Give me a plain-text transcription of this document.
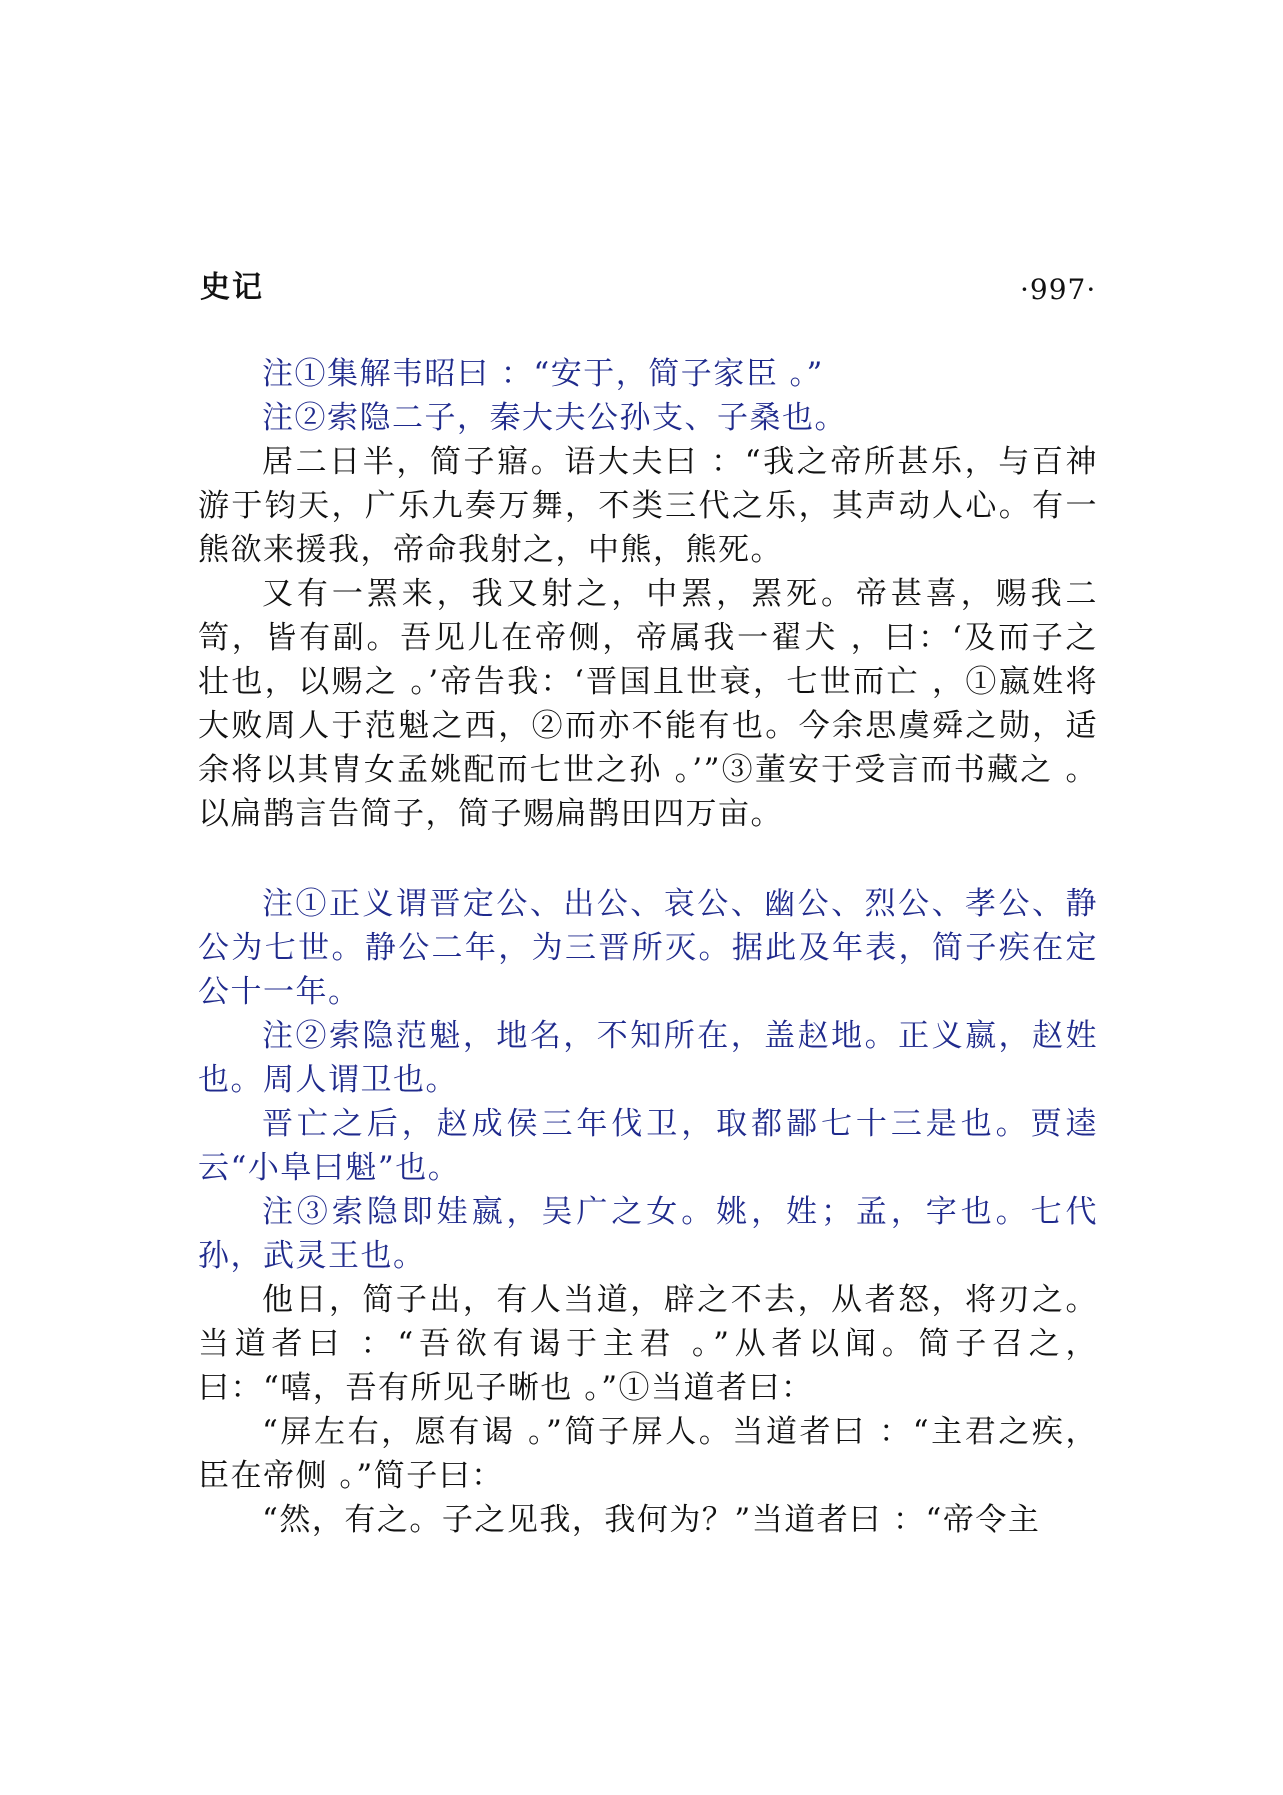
史记	·997·

注①集解韦昭曰 ：“安于，简子家臣 。”

注②索隐二子，秦大夫公孙支、子桑也。

居二日半，简子寤。语大夫曰 ：“我之帝所甚乐，与百神游于钧天，广乐九奏万舞，不类三代之乐，其声动人心。有一熊欲来援我，帝命我射之，中熊，熊死。

又有一罴来，我又射之，中罴，罴死。帝甚喜，赐我二笥，皆有副。吾见儿在帝侧，帝属我一翟犬 ，曰：‘及而子之壮也，以赐之 。’帝告我：‘晋国且世衰，七世而亡 ，①嬴姓将大败周人于范魁之西，②而亦不能有也。今余思虞舜之勋，适余将以其胄女孟姚配而七世之孙 。’”③董安于受言而书藏之 。以扁鹊言告简子，简子赐扁鹊田四万亩。

注①正义谓晋定公、出公、哀公、幽公、烈公、孝公、静公为七世。静公二年，为三晋所灭。据此及年表，简子疾在定公十一年。

注②索隐范魁，地名，不知所在，盖赵地。正义嬴，赵姓也。周人谓卫也。

晋亡之后，赵成侯三年伐卫，取都鄙七十三是也。贾逵云“小阜曰魁”也。

注③索隐即娃嬴，吴广之女。姚，姓；孟，字也。七代孙，武灵王也。

他日，简子出，有人当道，辟之不去，从者怒，将刃之。当道者曰 ：“吾欲有谒于主君 。”从者以闻。简子召之，曰：“嘻，吾有所见子晰也 。”①当道者曰：

“屏左右，愿有谒 。”简子屏人。当道者曰 ：“主君之疾，臣在帝侧 。”简子曰：

“然，有之。子之见我，我何为？”当道者曰 ：“帝令主
